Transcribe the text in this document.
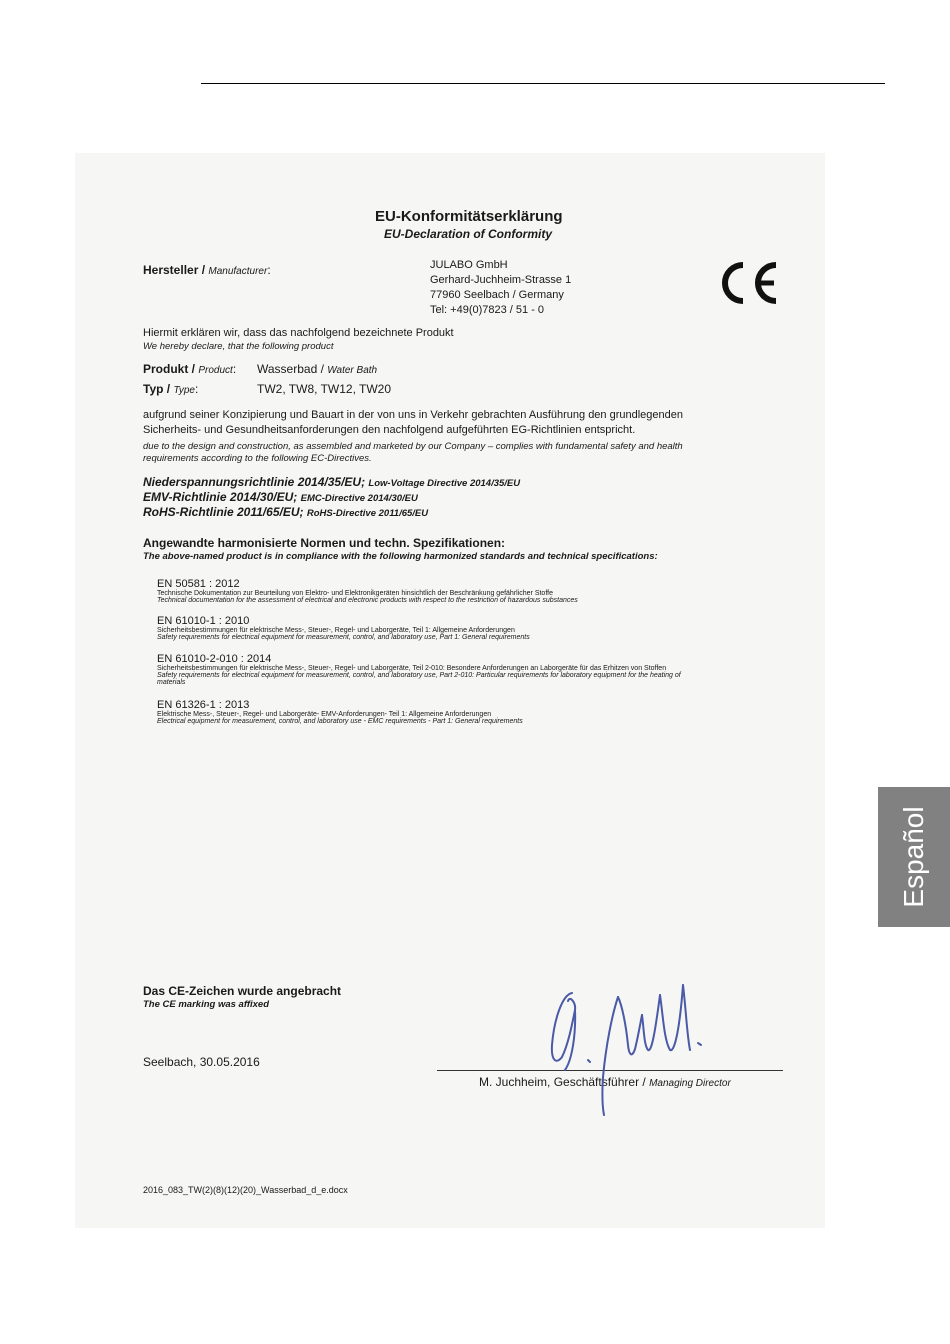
EU-Konformitätserklärung
EU-Declaration of Conformity
Hersteller / Manufacturer:	JULABO GmbH
Gerhard-Juchheim-Strasse 1
77960 Seelbach / Germany
Tel: +49(0)7823 / 51 - 0
Hiermit erklären wir, dass das nachfolgend bezeichnete Produkt
We hereby declare, that the following product
Produkt / Product: Wasserbad / Water Bath
Typ / Type:	TW2, TW8, TW12, TW20
aufgrund seiner Konzipierung und Bauart in der von uns in Verkehr gebrachten Ausführung den grundlegenden
Sicherheits- und Gesundheitsanforderungen den nachfolgend aufgeführten EG-Richtlinien entspricht.
due to the design and construction, as assembled and marketed by our Company – complies with fundamental safety and health
requirements according to the following EC-Directives.
Niederspannungsrichtlinie 2014/35/EU; Low-Voltage Directive 2014/35/EU
EMV-Richtlinie 2014/30/EU; EMC-Directive 2014/30/EU
RoHS-Richtlinie 2011/65/EU; RoHS-Directive 2011/65/EU
Angewandte harmonisierte Normen und techn. Spezifikationen:
The above-named product is in compliance with the following harmonized standards and technical specifications:
EN 50581 : 2012
Technische Dokumentation zur Beurteilung von Elektro- und Elektronikgeräten hinsichtlich der Beschränkung gefährlicher Stoffe
Technical documentation for the assessment of electrical and electronic products with respect to the restriction of hazardous substances
EN 61010-1 : 2010
Sicherheitsbestimmungen für elektrische Mess-, Steuer-, Regel- und Laborgeräte, Teil 1: Allgemeine Anforderungen
Safety requirements for electrical equipment for measurement, control, and laboratory use, Part 1: General requirements
EN 61010-2-010 : 2014
Sicherheitsbestimmungen für elektrische Mess-, Steuer-, Regel- und Laborgeräte, Teil 2-010: Besondere Anforderungen an Laborgeräte für das Erhitzen von Stoffen
Safety requirements for electrical equipment for measurement, control, and laboratory use, Part 2-010: Particular requirements for laboratory equipment for the heating of
materials
EN 61326-1 : 2013
Elektrische Mess-, Steuer-, Regel- und Laborgeräte- EMV-Anforderungen- Teil 1: Allgemeine Anforderungen
Electrical equipment for measurement, control, and laboratory use - EMC requirements - Part 1: General requirements
Das CE-Zeichen wurde angebracht
The CE marking was affixed
Seelbach, 30.05.2016
M. Juchheim, Geschäftsführer / Managing Director
2016_083_TW(2)(8)(12)(20)_Wasserbad_d_e.docx
Español
